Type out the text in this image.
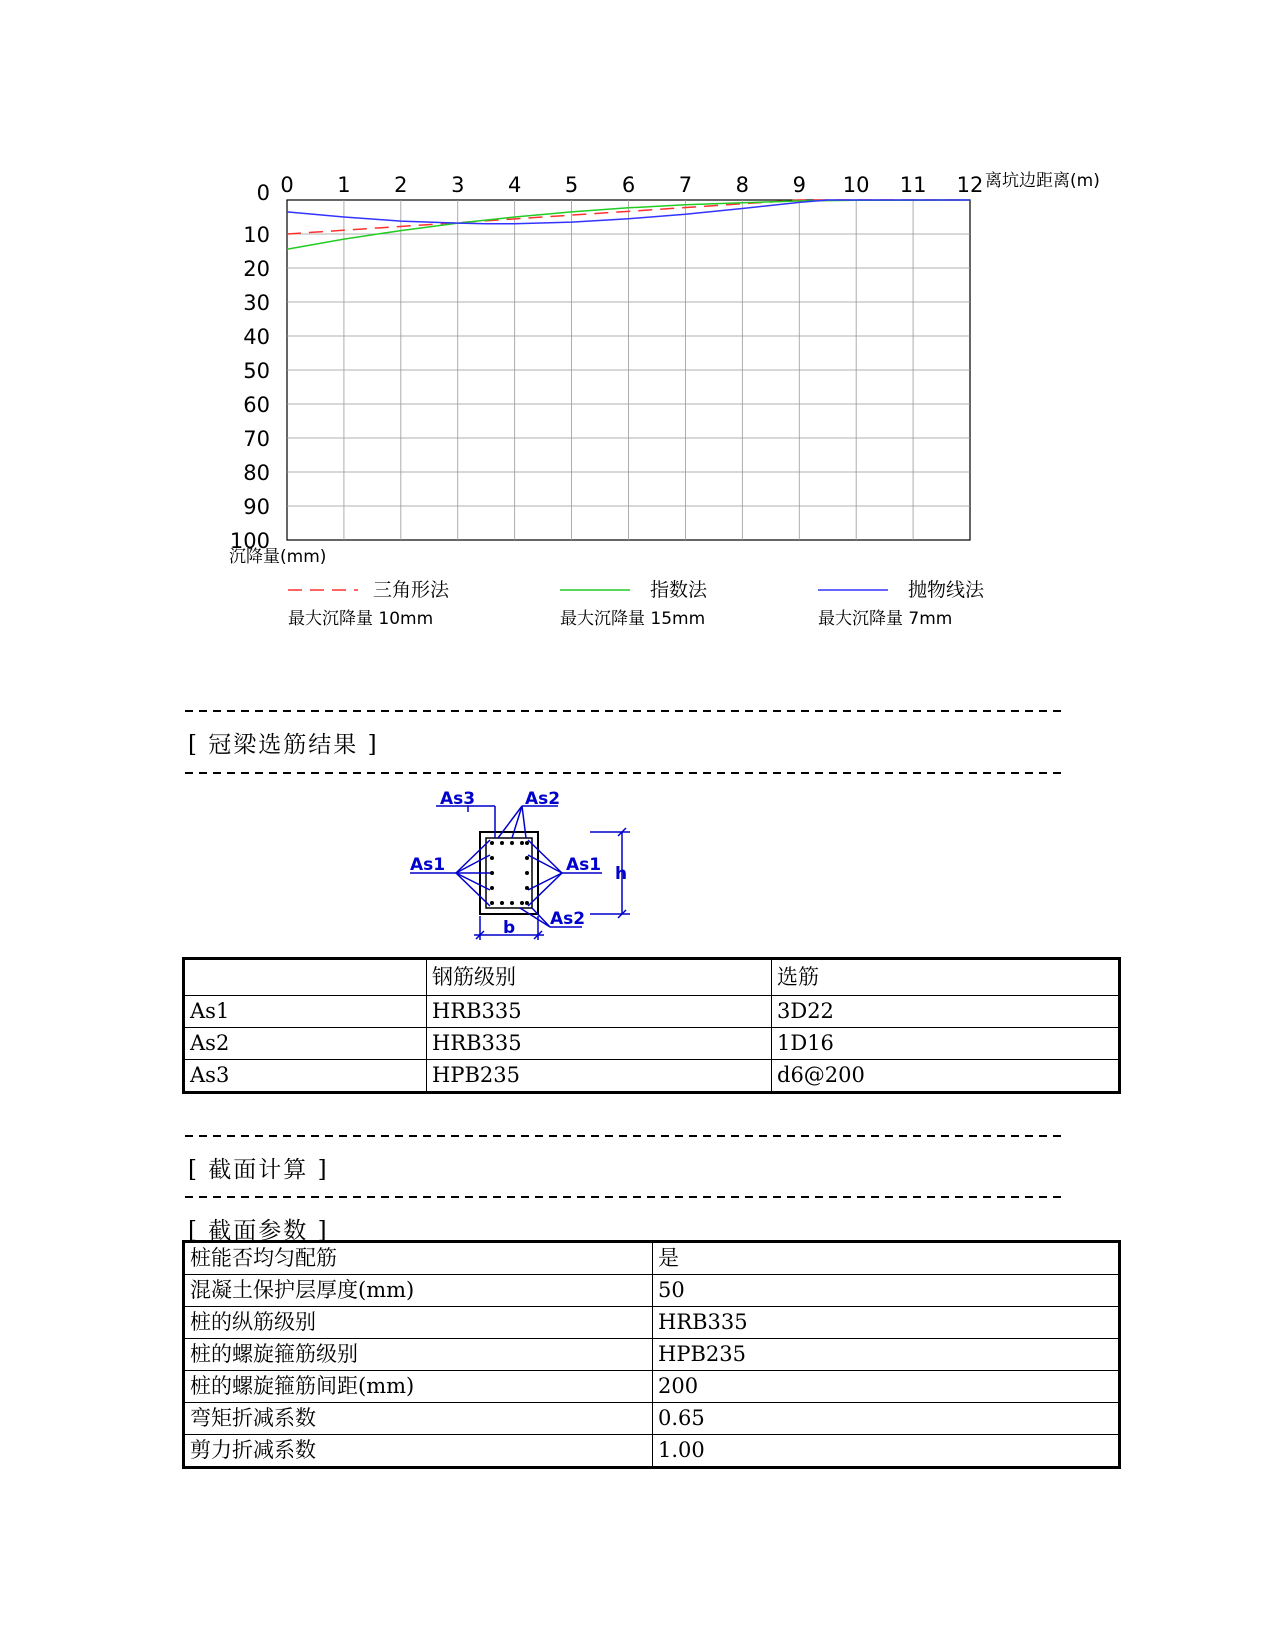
0 1 2 3 4 5 6 7 8 9 10 11 12
0
10
20
30
40
50
60
70
80
90
100
离坑边距离(m)
沉降量(mm)
三角形法
最大沉降量 10mm
指数法
最大沉降量 15mm
抛物线法
最大沉降量 7mm
[ 冠梁选筋结果 ]
As3	As2
As1	As1
As2
h
b
	钢筋级别	选筋
As1	HRB335	3D22
As2	HRB335	1D16
As3	HPB235	d6@200
[ 截面计算 ]
[ 截面参数 ]
桩能否均匀配筋	是
混凝土保护层厚度(mm)	50
桩的纵筋级别	HRB335
桩的螺旋箍筋级别	HPB235
桩的螺旋箍筋间距(mm)	200
弯矩折减系数	0.65
剪力折减系数	1.00
